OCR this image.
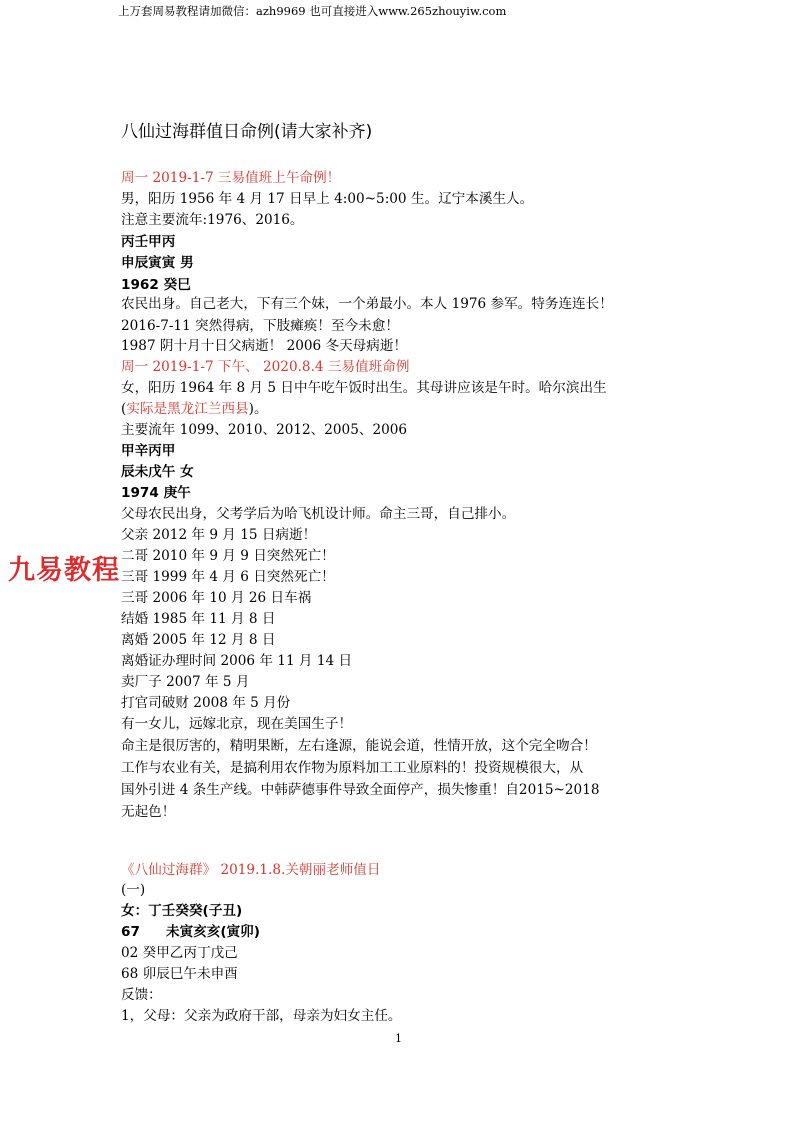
上万套周易教程请加微信：azh9969 也可直接进入www.265zhouyiw.com
八仙过海群值日命例(请大家补齐)
周一 2019-1-7 三易值班上午命例！
男，阳历 1956 年 4 月 17 日早上 4:00~5:00 生。辽宁本溪生人。
注意主要流年:1976、2016。
丙壬甲丙
申辰寅寅 男
1962 癸巳
农民出身。自己老大，下有三个妹，一个弟最小。本人 1976 参军。特务连连长！
2016-7-11 突然得病，下肢瘫痪！至今未愈！
1987 阴十月十日父病逝！ 2006 冬天母病逝！
周一 2019-1-7 下午、 2020.8.4 三易值班命例
女，阳历 1964 年 8 月 5 日中午吃午饭时出生。其母讲应该是午时。哈尔滨出生
(实际是黑龙江兰西县)。
主要流年 1099、2010、2012、2005、2006
甲辛丙甲
辰未戊午 女
1974 庚午
父母农民出身，父考学后为哈飞机设计师。命主三哥，自己排小。
父亲 2012 年 9 月 15 日病逝！
二哥 2010 年 9 月 9 日突然死亡！
三哥 1999 年 4 月 6 日突然死亡！
三哥 2006 年 10 月 26 日车祸
结婚 1985 年 11 月 8 日
离婚 2005 年 12 月 8 日
离婚证办理时间 2006 年 11 月 14 日
卖厂子 2007 年 5 月
打官司破财 2008 年 5 月份
有一女儿，远嫁北京，现在美国生子！
命主是很厉害的，精明果断，左右逢源，能说会道，性情开放，这个完全吻合！
工作与农业有关，是搞利用农作物为原料加工工业原料的！投资规模很大，从
国外引进 4 条生产线。中韩萨德事件导致全面停产，损失惨重！自2015~2018
无起色！
《八仙过海群》 2019.1.8.关朝丽老师值日
(一)
女：丁壬癸癸(子丑)
67 未寅亥亥(寅卯)
02 癸甲乙丙丁戊己
68 卯辰巳午未申酉
反馈：
1，父母：父亲为政府干部，母亲为妇女主任。
九易教程
1
